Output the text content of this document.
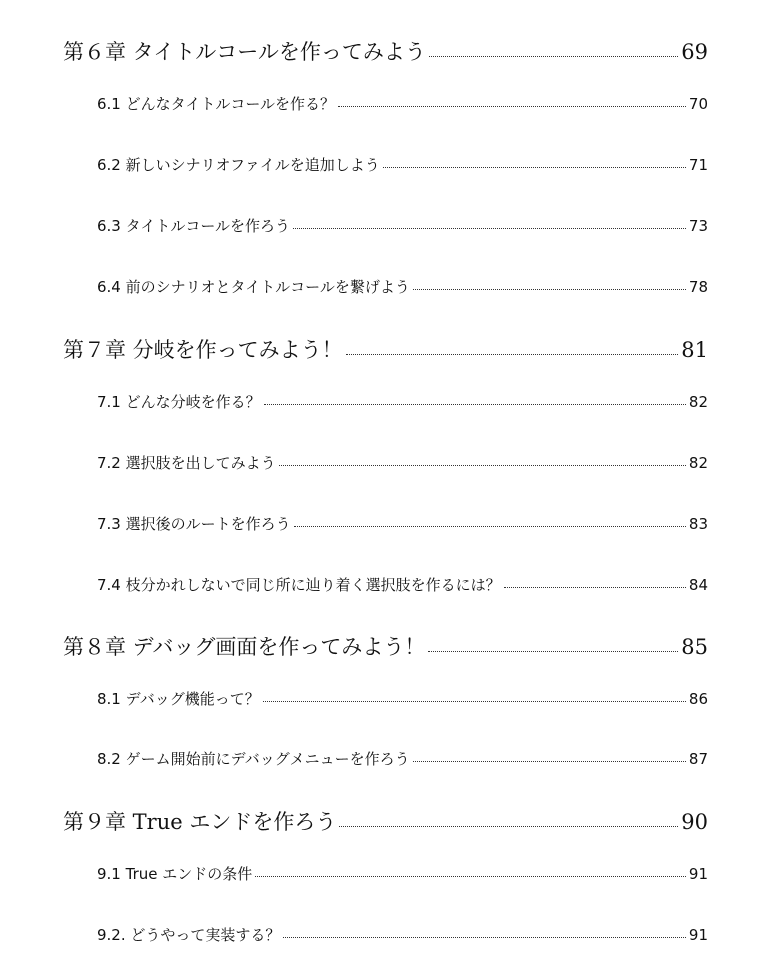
第６章 タイトルコールを作ってみよう	69
6.1 どんなタイトルコールを作る？	70
6.2 新しいシナリオファイルを追加しよう	71
6.3 タイトルコールを作ろう	73
6.4 前のシナリオとタイトルコールを繋げよう	78
第７章 分岐を作ってみよう！	81
7.1 どんな分岐を作る？	82
7.2 選択肢を出してみよう	82
7.3 選択後のルートを作ろう	83
7.4 枝分かれしないで同じ所に辿り着く選択肢を作るには？	84
第８章 デバッグ画面を作ってみよう！	85
8.1 デバッグ機能って？	86
8.2 ゲーム開始前にデバッグメニューを作ろう	87
第９章 True エンドを作ろう	90
9.1 True エンドの条件	91
9.2. どうやって実装する？	91
